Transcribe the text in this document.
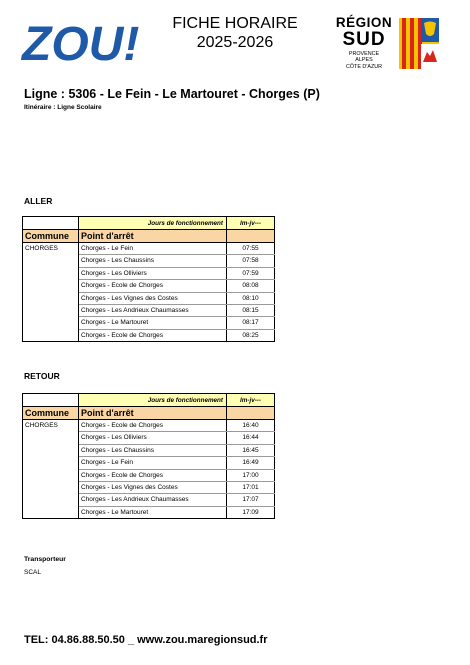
ZOU!	FICHE HORAIRE
2025-2026
RÉGION
SUD
PROVENCE
ALPES
CÔTE D'AZUR
Ligne : 5306 - Le Fein - Le Martouret - Chorges (P)
Itinéraire : Ligne Scolaire
ALLER
	Jours de fonctionnement	lm-jv---
Commune	Point d'arrêt	
CHORGES	Chorges - Le Fein	07:55
	Chorges - Les Chaussins	07:58
	Chorges - Les Olliviers	07:59
	Chorges - Ecole de Chorges	08:08
	Chorges - Les Vignes des Costes	08:10
	Chorges - Les Andrieux Chaumasses	08:15
	Chorges - Le Martouret	08:17
	Chorges - Ecole de Chorges	08:25
RETOUR
	Jours de fonctionnement	lm-jv---
Commune	Point d'arrêt	
CHORGES	Chorges - Ecole de Chorges	16:40
	Chorges - Les Olliviers	16:44
	Chorges - Les Chaussins	16:45
	Chorges - Le Fein	16:49
	Chorges - Ecole de Chorges	17:00
	Chorges - Les Vignes des Costes	17:01
	Chorges - Les Andrieux Chaumasses	17:07
	Chorges - Le Martouret	17:09
Transporteur
SCAL
TEL: 04.86.88.50.50 _ www.zou.maregionsud.fr
